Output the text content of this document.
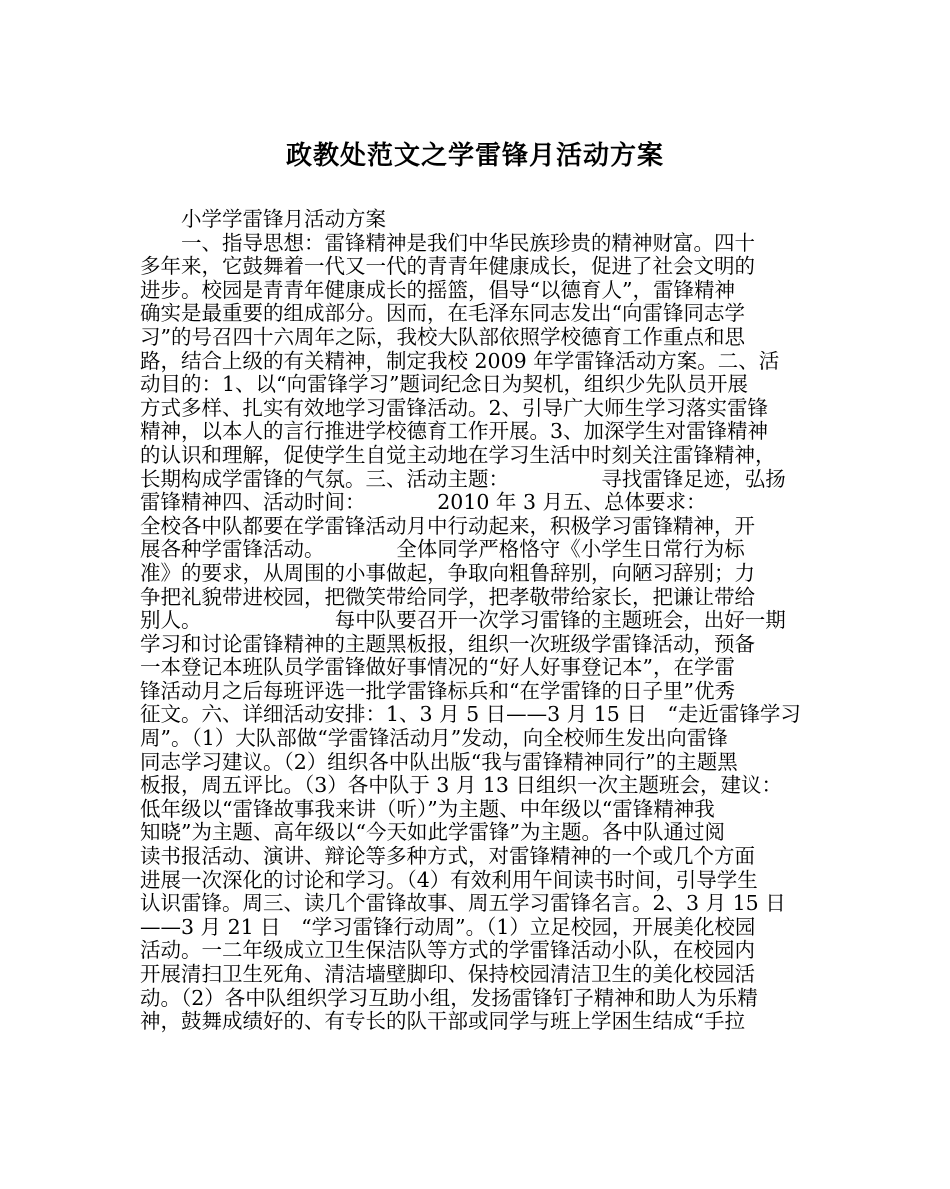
政教处范文之学雷锋月活动方案
小学学雷锋月活动方案
一、指导思想：雷锋精神是我们中华民族珍贵的精神财富。四十
多年来，它鼓舞着一代又一代的青青年健康成长，促进了社会文明的
进步。校园是青青年健康成长的摇篮，倡导“以德育人”，雷锋精神
确实是最重要的组成部分。因而，在毛泽东同志发出“向雷锋同志学
习”的号召四十六周年之际，我校大队部依照学校德育工作重点和思
路，结合上级的有关精神，制定我校 2009 年学雷锋活动方案。二、活
动目的：1、以“向雷锋学习”题词纪念日为契机，组织少先队员开展
方式多样、扎实有效地学习雷锋活动。2、引导广大师生学习落实雷锋
精神，以本人的言行推进学校德育工作开展。3、加深学生对雷锋精神
的认识和理解，促使学生自觉主动地在学习生活中时刻关注雷锋精神，
长期构成学雷锋的气氛。三、活动主题：　　　　　寻找雷锋足迹，弘扬
雷锋精神四、活动时间：　　　　2010 年 3 月五、总体要求：
全校各中队都要在学雷锋活动月中行动起来，积极学习雷锋精神，开
展各种学雷锋活动。　　　　全体同学严格恪守《小学生日常行为标
准》的要求，从周围的小事做起，争取向粗鲁辞别，向陋习辞别；力
争把礼貌带进校园，把微笑带给同学，把孝敬带给家长，把谦让带给
别人。　　　　　　　每中队要召开一次学习雷锋的主题班会，出好一期
学习和讨论雷锋精神的主题黑板报，组织一次班级学雷锋活动，预备
一本登记本班队员学雷锋做好事情况的“好人好事登记本”，在学雷
锋活动月之后每班评选一批学雷锋标兵和“在学雷锋的日子里”优秀
征文。六、详细活动安排：1、3 月 5 日——3 月 15 日　“走近雷锋学习
周”。（1）大队部做“学雷锋活动月”发动，向全校师生发出向雷锋
同志学习建议。（2）组织各中队出版“我与雷锋精神同行”的主题黑
板报，周五评比。（3）各中队于 3 月 13 日组织一次主题班会，建议：
低年级以“雷锋故事我来讲（听）”为主题、中年级以“雷锋精神我
知晓”为主题、高年级以“今天如此学雷锋”为主题。各中队通过阅
读书报活动、演讲、辩论等多种方式，对雷锋精神的一个或几个方面
进展一次深化的讨论和学习。（4）有效利用午间读书时间，引导学生
认识雷锋。周三、读几个雷锋故事、周五学习雷锋名言。2、3 月 15 日
——3 月 21 日　“学习雷锋行动周”。（1）立足校园，开展美化校园
活动。一二年级成立卫生保洁队等方式的学雷锋活动小队，在校园内
开展清扫卫生死角、清洁墙壁脚印、保持校园清洁卫生的美化校园活
动。（2）各中队组织学习互助小组，发扬雷锋钉子精神和助人为乐精
神，鼓舞成绩好的、有专长的队干部或同学与班上学困生结成“手拉
